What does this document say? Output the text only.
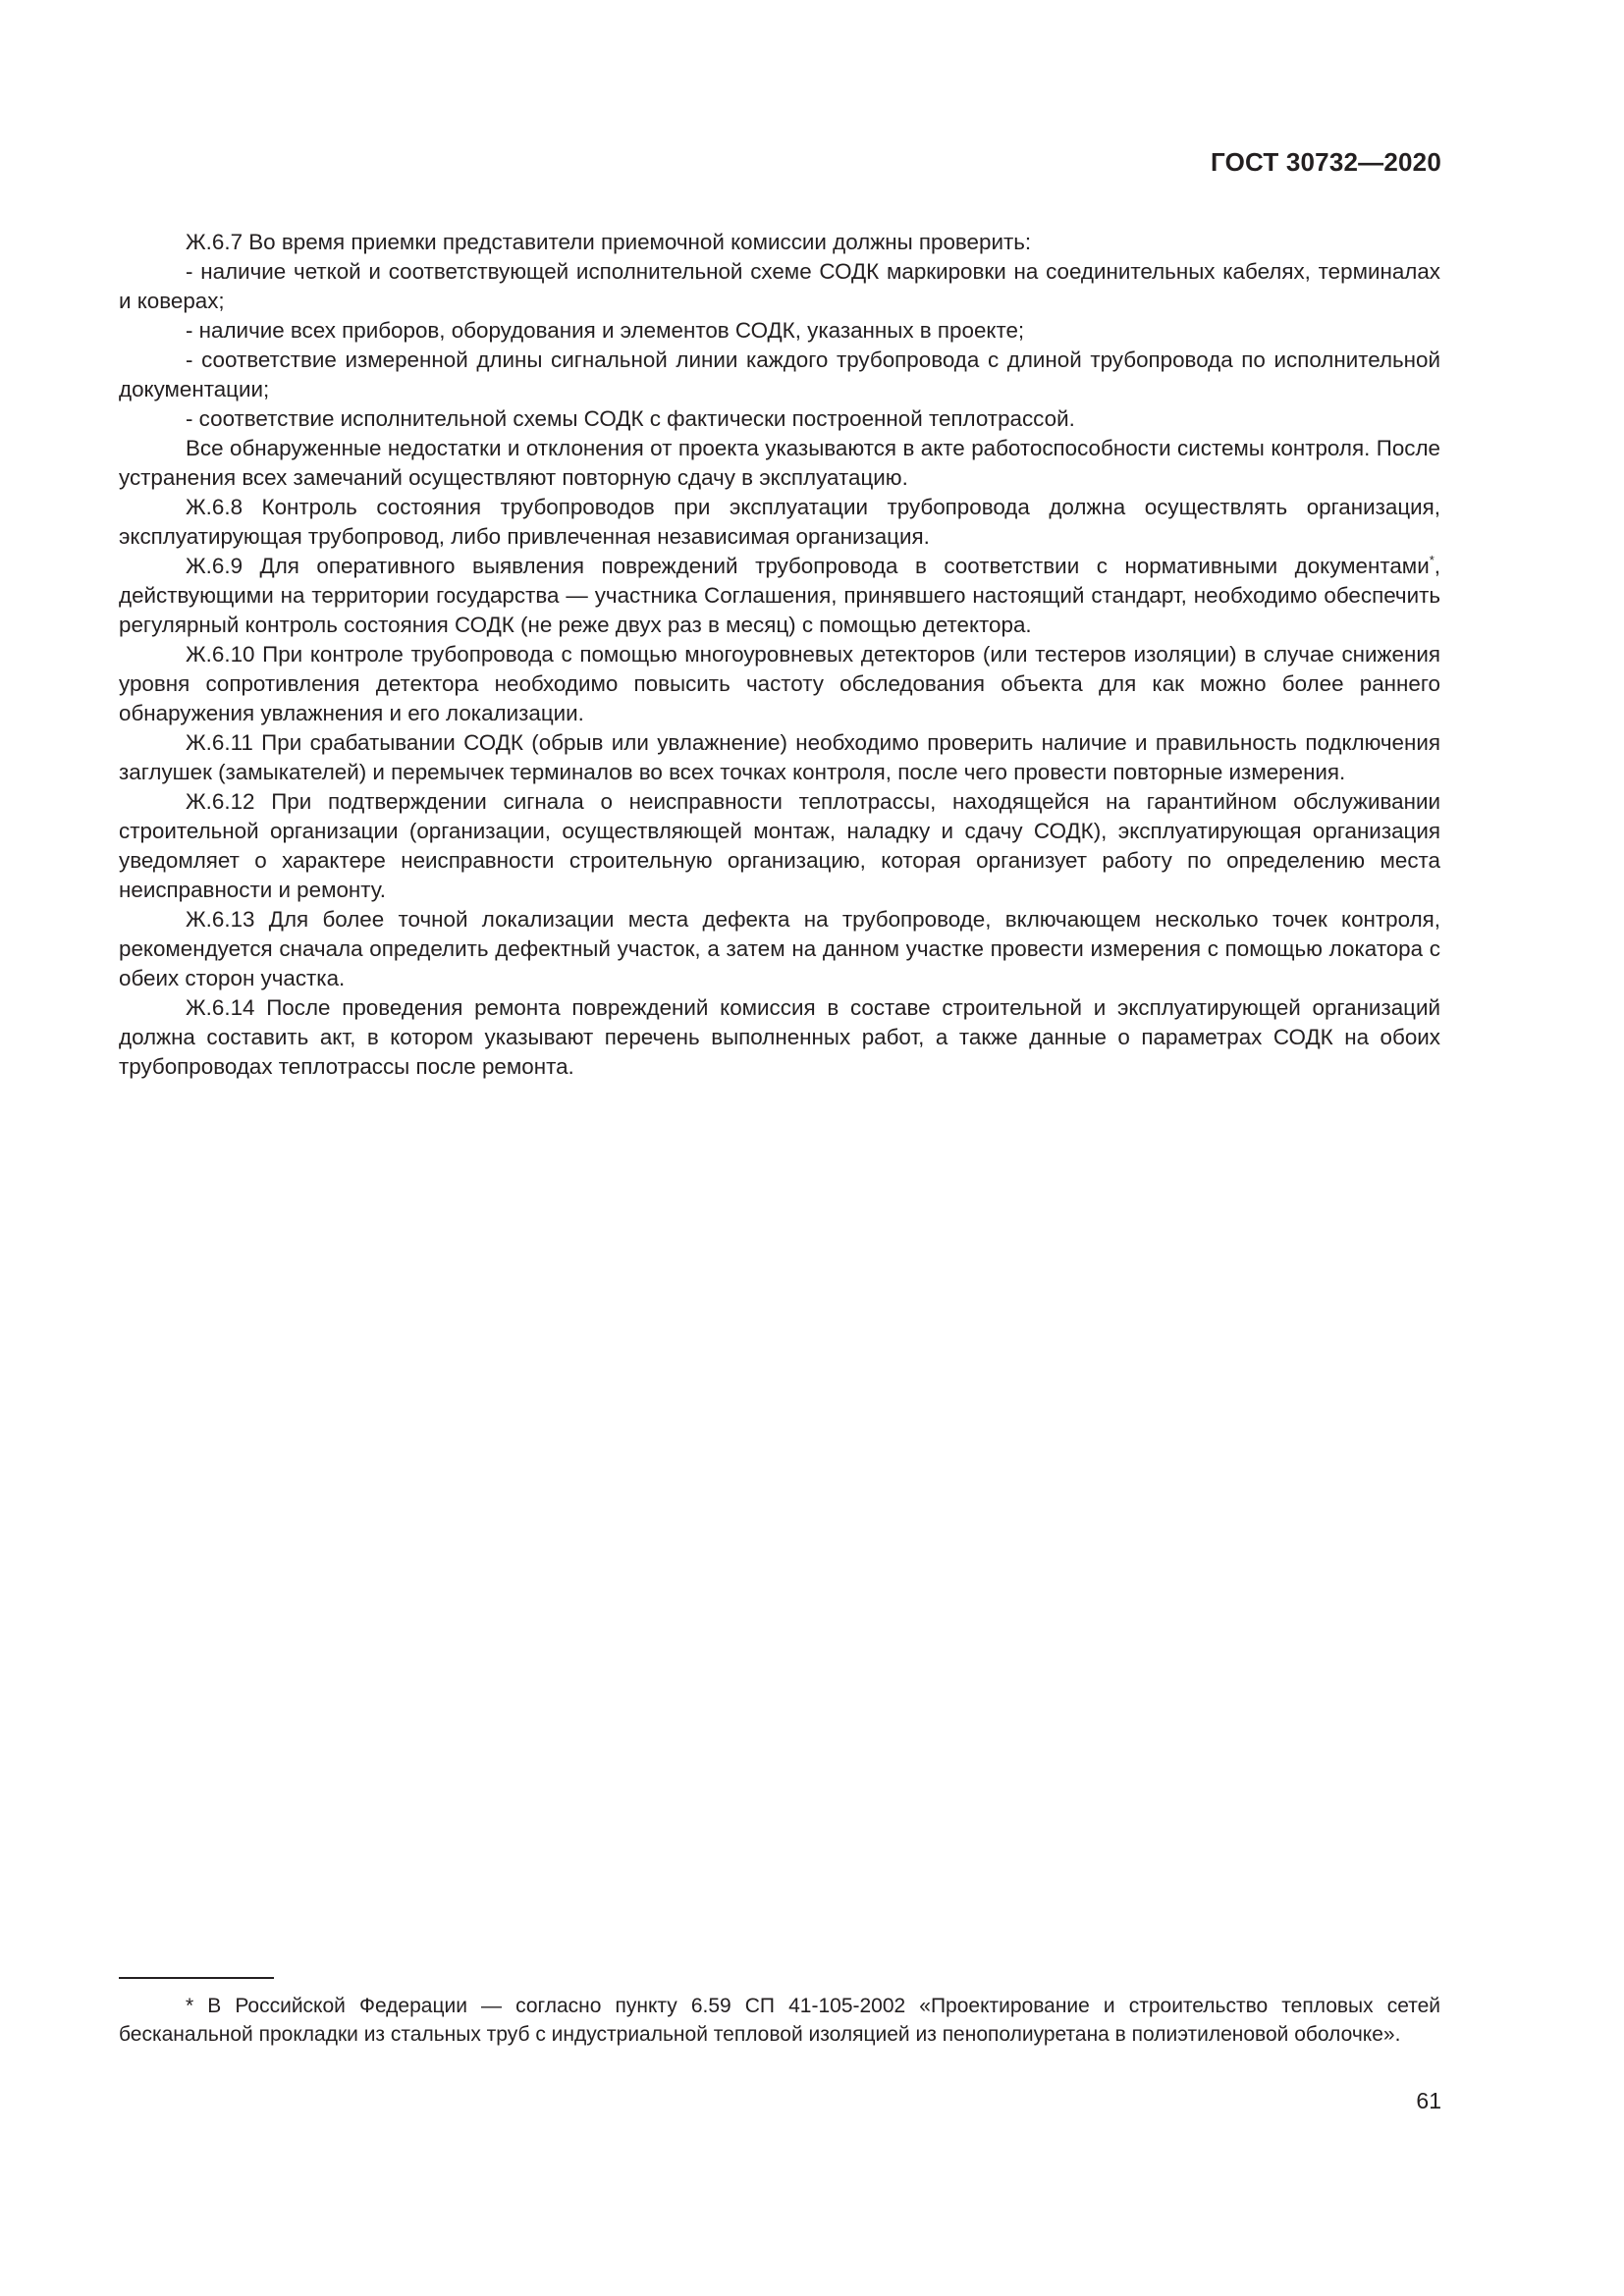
ГОСТ 30732—2020

Ж.6.7 Во время приемки представители приемочной комиссии должны проверить:

- наличие четкой и соответствующей исполнительной схеме СОДК маркировки на соединительных кабелях, терминалах и коверах;

- наличие всех приборов, оборудования и элементов СОДК, указанных в проекте;

- соответствие измеренной длины сигнальной линии каждого трубопровода с длиной трубопровода по исполнительной документации;

- соответствие исполнительной схемы СОДК с фактически построенной теплотрассой.

Все обнаруженные недостатки и отклонения от проекта указываются в акте работоспособности системы контроля. После устранения всех замечаний осуществляют повторную сдачу в эксплуатацию.

Ж.6.8 Контроль состояния трубопроводов при эксплуатации трубопровода должна осуществлять организация, эксплуатирующая трубопровод, либо привлеченная независимая организация.

Ж.6.9 Для оперативного выявления повреждений трубопровода в соответствии с нормативными документами*, действующими на территории государства — участника Соглашения, принявшего настоящий стандарт, необходимо обеспечить регулярный контроль состояния СОДК (не реже двух раз в месяц) с помощью детектора.

Ж.6.10 При контроле трубопровода с помощью многоуровневых детекторов (или тестеров изоляции) в случае снижения уровня сопротивления детектора необходимо повысить частоту обследования объекта для как можно более раннего обнаружения увлажнения и его локализации.

Ж.6.11 При срабатывании СОДК (обрыв или увлажнение) необходимо проверить наличие и правильность подключения заглушек (замыкателей) и перемычек терминалов во всех точках контроля, после чего провести повторные измерения.

Ж.6.12 При подтверждении сигнала о неисправности теплотрассы, находящейся на гарантийном обслуживании строительной организации (организации, осуществляющей монтаж, наладку и сдачу СОДК), эксплуатирующая организация уведомляет о характере неисправности строительную организацию, которая организует работу по определению места неисправности и ремонту.

Ж.6.13 Для более точной локализации места дефекта на трубопроводе, включающем несколько точек контроля, рекомендуется сначала определить дефектный участок, а затем на данном участке провести измерения с помощью локатора с обеих сторон участка.

Ж.6.14 После проведения ремонта повреждений комиссия в составе строительной и эксплуатирующей организаций должна составить акт, в котором указывают перечень выполненных работ, а также данные о параметрах СОДК на обоих трубопроводах теплотрассы после ремонта.

* В Российской Федерации — согласно пункту 6.59 СП 41-105-2002 «Проектирование и строительство тепловых сетей бесканальной прокладки из стальных труб с индустриальной тепловой изоляцией из пенополиуретана в полиэтиленовой оболочке».

61
